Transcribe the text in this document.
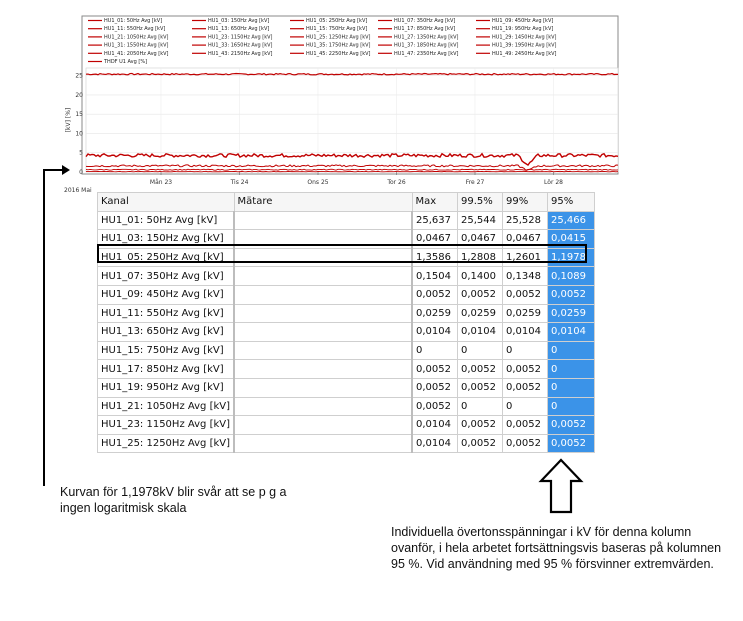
HU1_01: 50Hz Avg [kV]	HU1_03: 150Hz Avg [kV]	HU1_05: 250Hz Avg [kV]	HU1_07: 350Hz Avg [kV]	HU1_09: 450Hz Avg [kV]
HU1_11: 550Hz Avg [kV]	HU1_13: 650Hz Avg [kV]	HU1_15: 750Hz Avg [kV]	HU1_17: 850Hz Avg [kV]	HU1_19: 950Hz Avg [kV]
HU1_21: 1050Hz Avg [kV]	HU1_23: 1150Hz Avg [kV]	HU1_25: 1250Hz Avg [kV]	HU1_27: 1350Hz Avg [kV]	HU1_29: 1450Hz Avg [kV]
HU1_31: 1550Hz Avg [kV]	HU1_33: 1650Hz Avg [kV]	HU1_35: 1750Hz Avg [kV]	HU1_37: 1850Hz Avg [kV]	HU1_39: 1950Hz Avg [kV]
HU1_41: 2050Hz Avg [kV]	HU1_43: 2150Hz Avg [kV]	HU1_45: 2250Hz Avg [kV]	HU1_47: 2350Hz Avg [kV]	HU1_49: 2450Hz Avg [kV]
THDF U1 Avg [%]
25
20
15
10
5
0
[kV] [%]
Mån 23	Tis 24	Ons 25	Tor 26	Fre 27	Lör 28
2016 Maj
Kanal	Mätare	Max	99.5%	99%	95%
HU1_01: 50Hz Avg [kV]		25,637	25,544	25,528	25,466
HU1_03: 150Hz Avg [kV]		0,0467	0,0467	0,0467	0,0415
HU1_05: 250Hz Avg [kV]		1,3586	1,2808	1,2601	1,1978
HU1_07: 350Hz Avg [kV]		0,1504	0,1400	0,1348	0,1089
HU1_09: 450Hz Avg [kV]		0,0052	0,0052	0,0052	0,0052
HU1_11: 550Hz Avg [kV]		0,0259	0,0259	0,0259	0,0259
HU1_13: 650Hz Avg [kV]		0,0104	0,0104	0,0104	0,0104
HU1_15: 750Hz Avg [kV]		0	0	0	0
HU1_17: 850Hz Avg [kV]		0,0052	0,0052	0,0052	0
HU1_19: 950Hz Avg [kV]		0,0052	0,0052	0,0052	0
HU1_21: 1050Hz Avg [kV]		0,0052	0	0	0
HU1_23: 1150Hz Avg [kV]		0,0104	0,0052	0,0052	0,0052
HU1_25: 1250Hz Avg [kV]		0,0104	0,0052	0,0052	0,0052
Kurvan för 1,1978kV blir svår att se p g a ingen logaritmisk skala
Individuella övertonsspänningar i kV för denna kolumn ovanför, i hela arbetet fortsättningsvis baseras på kolumnen 95 %. Vid användning med 95 % försvinner extremvärden.
